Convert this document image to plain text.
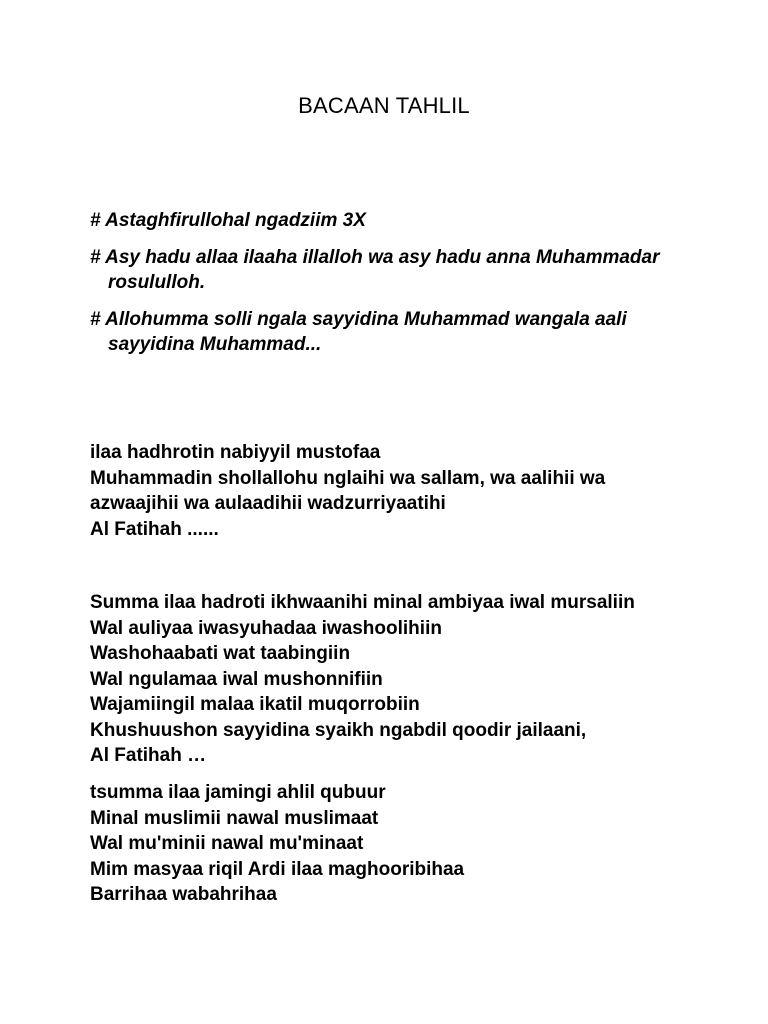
BACAAN TAHLIL
# Astaghfirullohal ngadziim 3X
# Asy hadu allaa ilaaha illalloh wa asy hadu anna Muhammadar rosululloh.
# Allohumma solli ngala sayyidina Muhammad wangala aali sayyidina Muhammad...
ilaa hadhrotin nabiyyil mustofaa
Muhammadin shollallohu nglaihi wa sallam, wa aalihii wa
azwaajihii wa aulaadihii wadzurriyaatihi
Al Fatihah ......
Summa ilaa hadroti ikhwaanihi minal ambiyaa iwal mursaliin
Wal auliyaa iwasyuhadaa iwashoolihiin
Washohaabati wat taabingiin
Wal ngulamaa iwal mushonnifiin
Wajamiingil malaa ikatil muqorrobiin
Khushuushon sayyidina syaikh ngabdil qoodir jailaani,
Al Fatihah …
tsumma ilaa jamingi ahlil qubuur
Minal muslimii nawal muslimaat
Wal mu'minii nawal mu'minaat
Mim masyaa riqil Ardi ilaa maghooribihaa
Barrihaa wabahrihaa
